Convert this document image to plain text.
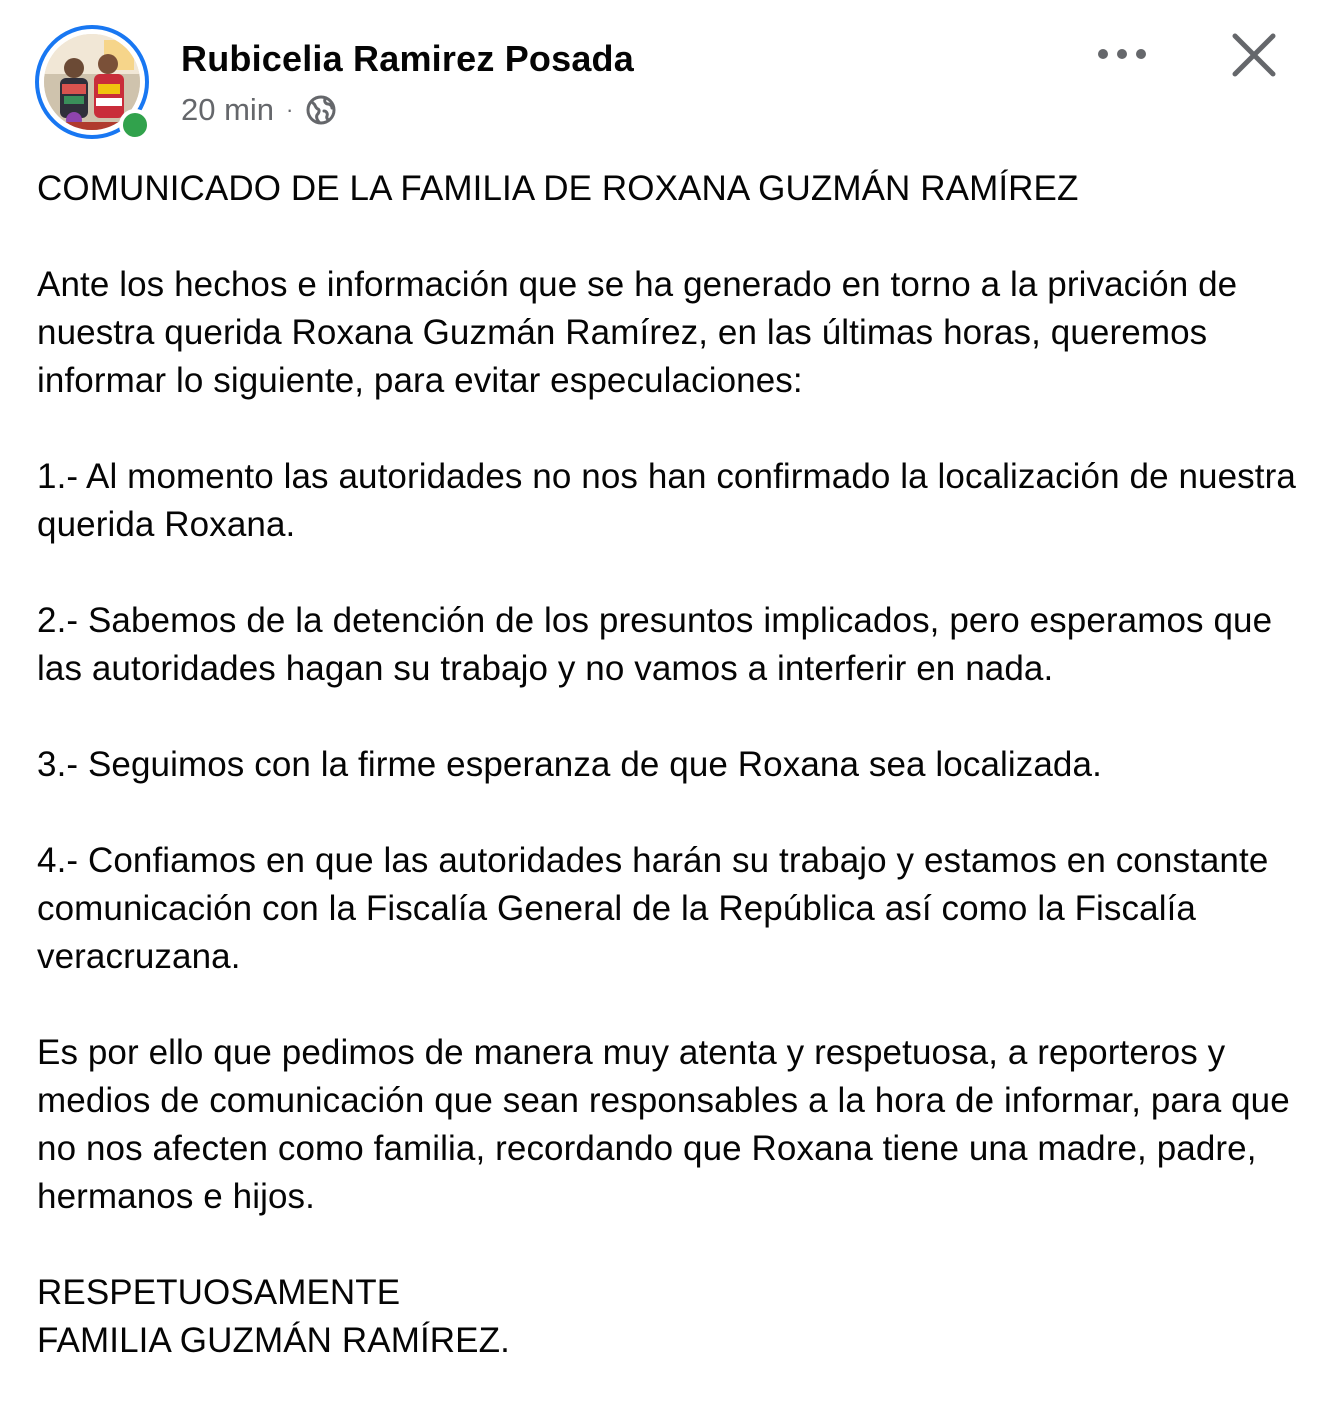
Rubicelia Ramirez Posada
20 min ·

COMUNICADO DE LA FAMILIA DE ROXANA GUZMÁN RAMÍREZ

Ante los hechos e información que se ha generado en torno a la privación de nuestra querida Roxana Guzmán Ramírez, en las últimas horas, queremos informar lo siguiente, para evitar especulaciones:

1.- Al momento las autoridades no nos han confirmado la localización de nuestra querida Roxana.

2.- Sabemos de la detención de los presuntos implicados, pero esperamos que las autoridades hagan su trabajo y no vamos a interferir en nada.

3.- Seguimos con la firme esperanza de que Roxana sea localizada.

4.- Confiamos en que las autoridades harán su trabajo y estamos en constante comunicación con la Fiscalía General de la República así como la Fiscalía veracruzana.

Es por ello que pedimos de manera muy atenta y respetuosa, a reporteros y medios de comunicación que sean responsables a la hora de informar, para que no nos afecten como familia, recordando que Roxana tiene una madre, padre, hermanos e hijos.

RESPETUOSAMENTE

FAMILIA GUZMÁN RAMÍREZ.
